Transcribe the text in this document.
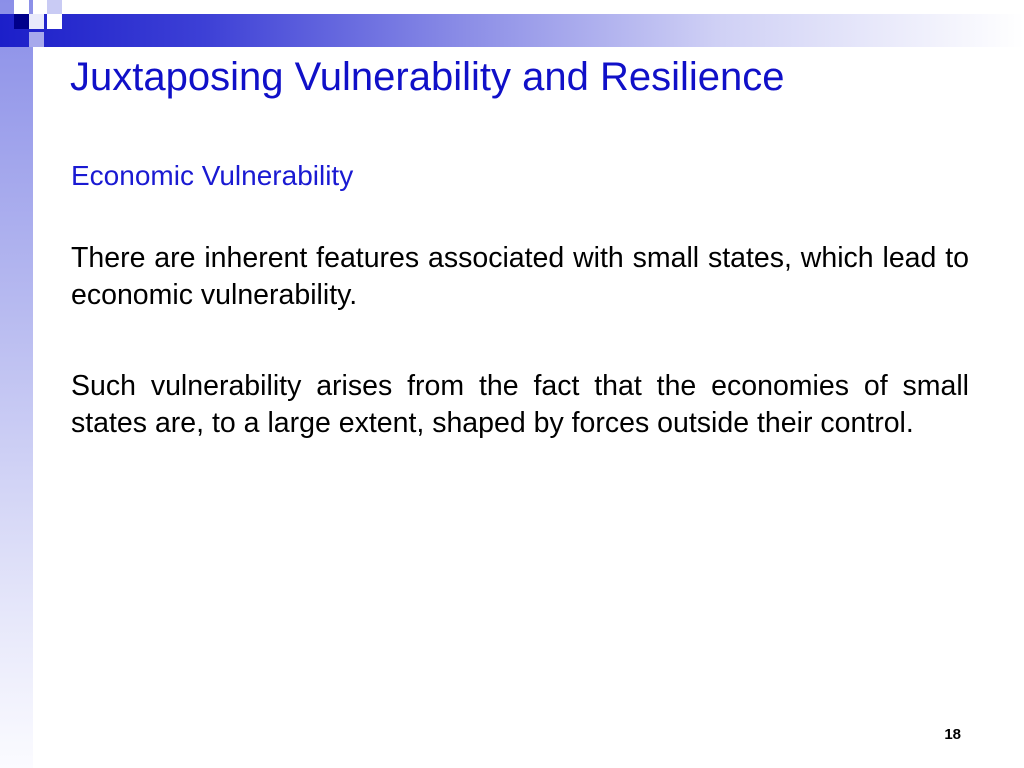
Juxtaposing Vulnerability and Resilience

Economic Vulnerability

There are inherent features associated with small states, which lead to economic vulnerability.

Such vulnerability arises from the fact that the economies of small states are, to a large extent, shaped by forces outside their control.

18
